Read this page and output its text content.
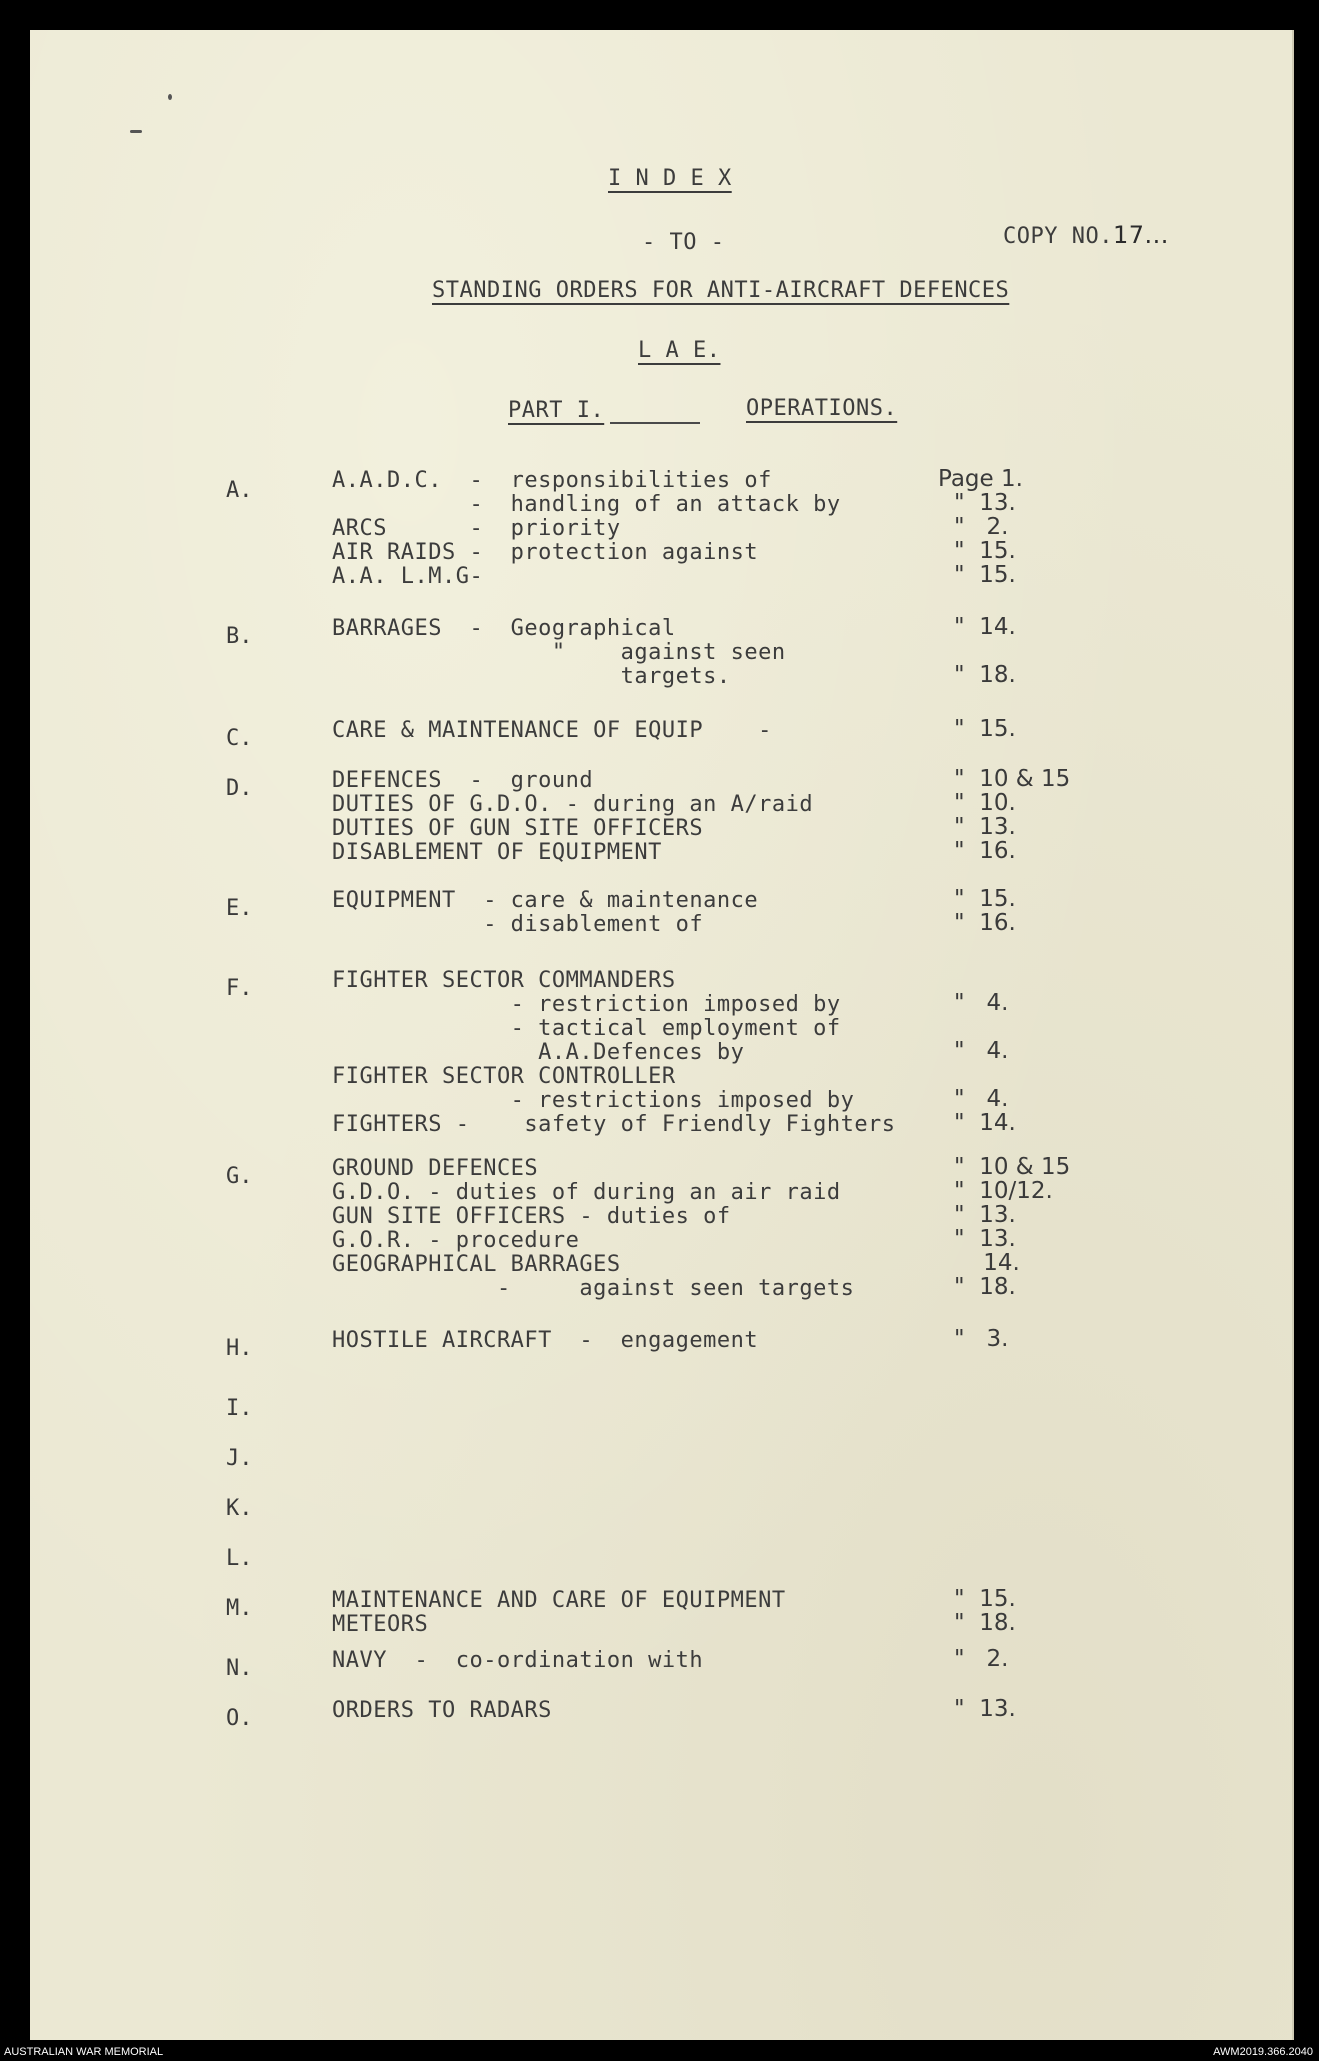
I N D E X

COPY NO.17...

- TO -
STANDING ORDERS FOR ANTI-AIRCRAFT DEFENCES
L A E.
PART I.	OPERATIONS.
A.	A.A.D.C.  -  responsibilities of	Page 1.
-  handling of an attack by	"  13.
ARCS      -  priority	"   2.
AIR RAIDS -  protection against	"  15.
A.A. L.M.G-	"  15.
B.	BARRAGES  -  Geographical	"  14.
"    against seen
targets.	"  18.
C.	CARE & MAINTENANCE OF EQUIP    -	"  15.
D.	DEFENCES  -  ground	"  10 & 15
DUTIES OF G.D.O. - during an A/raid	"  10.
DUTIES OF GUN SITE OFFICERS	"  13.
DISABLEMENT OF EQUIPMENT	"  16.
E.	EQUIPMENT  - care & maintenance	"  15.
- disablement of	"  16.
F.	FIGHTER SECTOR COMMANDERS
- restriction imposed by	"   4.
- tactical employment of
A.A.Defences by	"   4.
FIGHTER SECTOR CONTROLLER
- restrictions imposed by	"   4.
FIGHTERS -    safety of Friendly Fighters	"  14.
G.	GROUND DEFENCES	"  10 & 15
G.D.O. - duties of during an air raid	"  10/12.
GUN SITE OFFICERS - duties of	"  13.
G.O.R. - procedure	"  13.
GEOGRAPHICAL BARRAGES	14.
-     against seen targets	"  18.
H.	HOSTILE AIRCRAFT  -  engagement	"   3.
I.
J.
K.
L.
M.	MAINTENANCE AND CARE OF EQUIPMENT	"  15.
METEORS	"  18.
N.	NAVY  -  co-ordination with	"   2.
O.	ORDERS TO RADARS	"  13.
AUSTRALIAN WAR MEMORIAL	AWM2019.366.2040
